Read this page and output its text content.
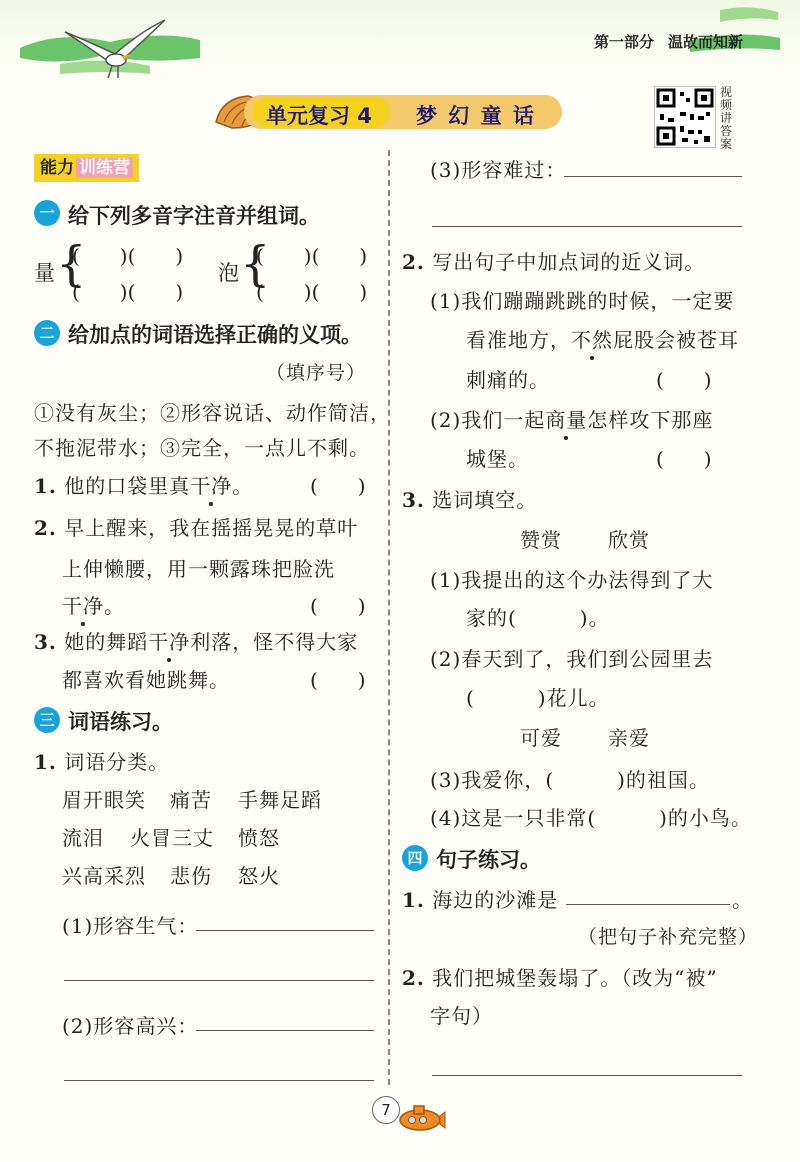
第一部分 温故而知新
单元复习 4 梦 幻 童 话
视频讲答案
能力 训练营
一 给下列多音字注音并组词。
量 {
(　　)(　　)
(　　)(　　)
泡 {
(　　)(　　)
(　　)(　　)
二 给加点的词语选择正确的义项。
（填序号）
①没有灰尘；②形容说话、动作简洁，
不拖泥带水；③完全，一点儿不剩。
1. 他的口袋里真干净。	(　　)
2. 早上醒来，我在摇摇晃晃的草叶
上伸懒腰，用一颗露珠把脸洗
干净。	(　　)
3. 她的舞蹈干净利落，怪不得大家
都喜欢看她跳舞。	(　　)
三 词语练习。
1. 词语分类。
眉开眼笑 痛苦 手舞足蹈
流泪 火冒三丈 愤怒
兴高采烈 悲伤 怒火
(1)形容生气：
(2)形容高兴：
(3)形容难过：
2. 写出句子中加点词的近义词。
(1)我们蹦蹦跳跳的时候，一定要
看准地方，不然屁股会被苍耳
刺痛的。	(　　)
(2)我们一起商量怎样攻下那座
城堡。	(　　)
3. 选词填空。
赞赏 欣赏
(1)我提出的这个办法得到了大
家的(　　　)。
(2)春天到了，我们到公园里去
(　　　)花儿。
可爱 亲爱
(3)我爱你，(　　　)的祖国。
(4)这是一只非常(　　　)的小鸟。
四 句子练习。
1. 海边的沙滩是	。
（把句子补充完整）
2. 我们把城堡轰塌了。（改为“被”
字句）
7
